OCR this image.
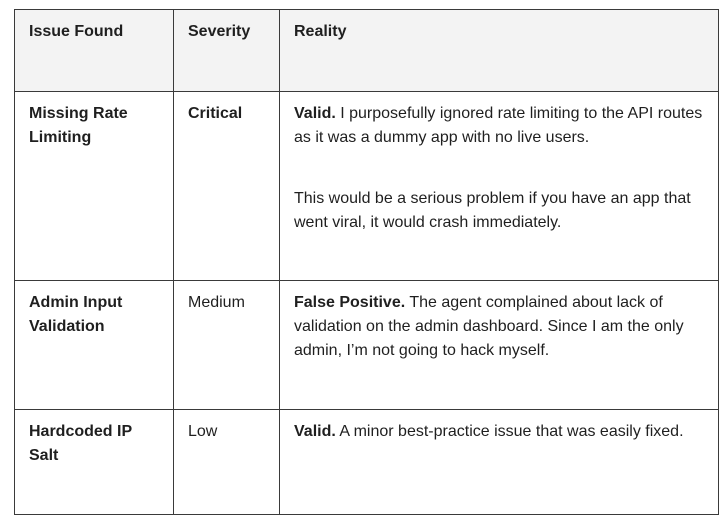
Issue Found	Severity	Reality
Missing Rate Limiting	Critical	Valid. I purposefully ignored rate limiting to the API routes as it was a dummy app with no live users.

This would be a serious problem if you have an app that went viral, it would crash immediately.

Admin Input Validation	Medium	False Positive. The agent complained about lack of validation on the admin dashboard. Since I am the only admin, I’m not going to hack myself.

Hardcoded IP Salt	Low	Valid. A minor best-practice issue that was easily fixed.
